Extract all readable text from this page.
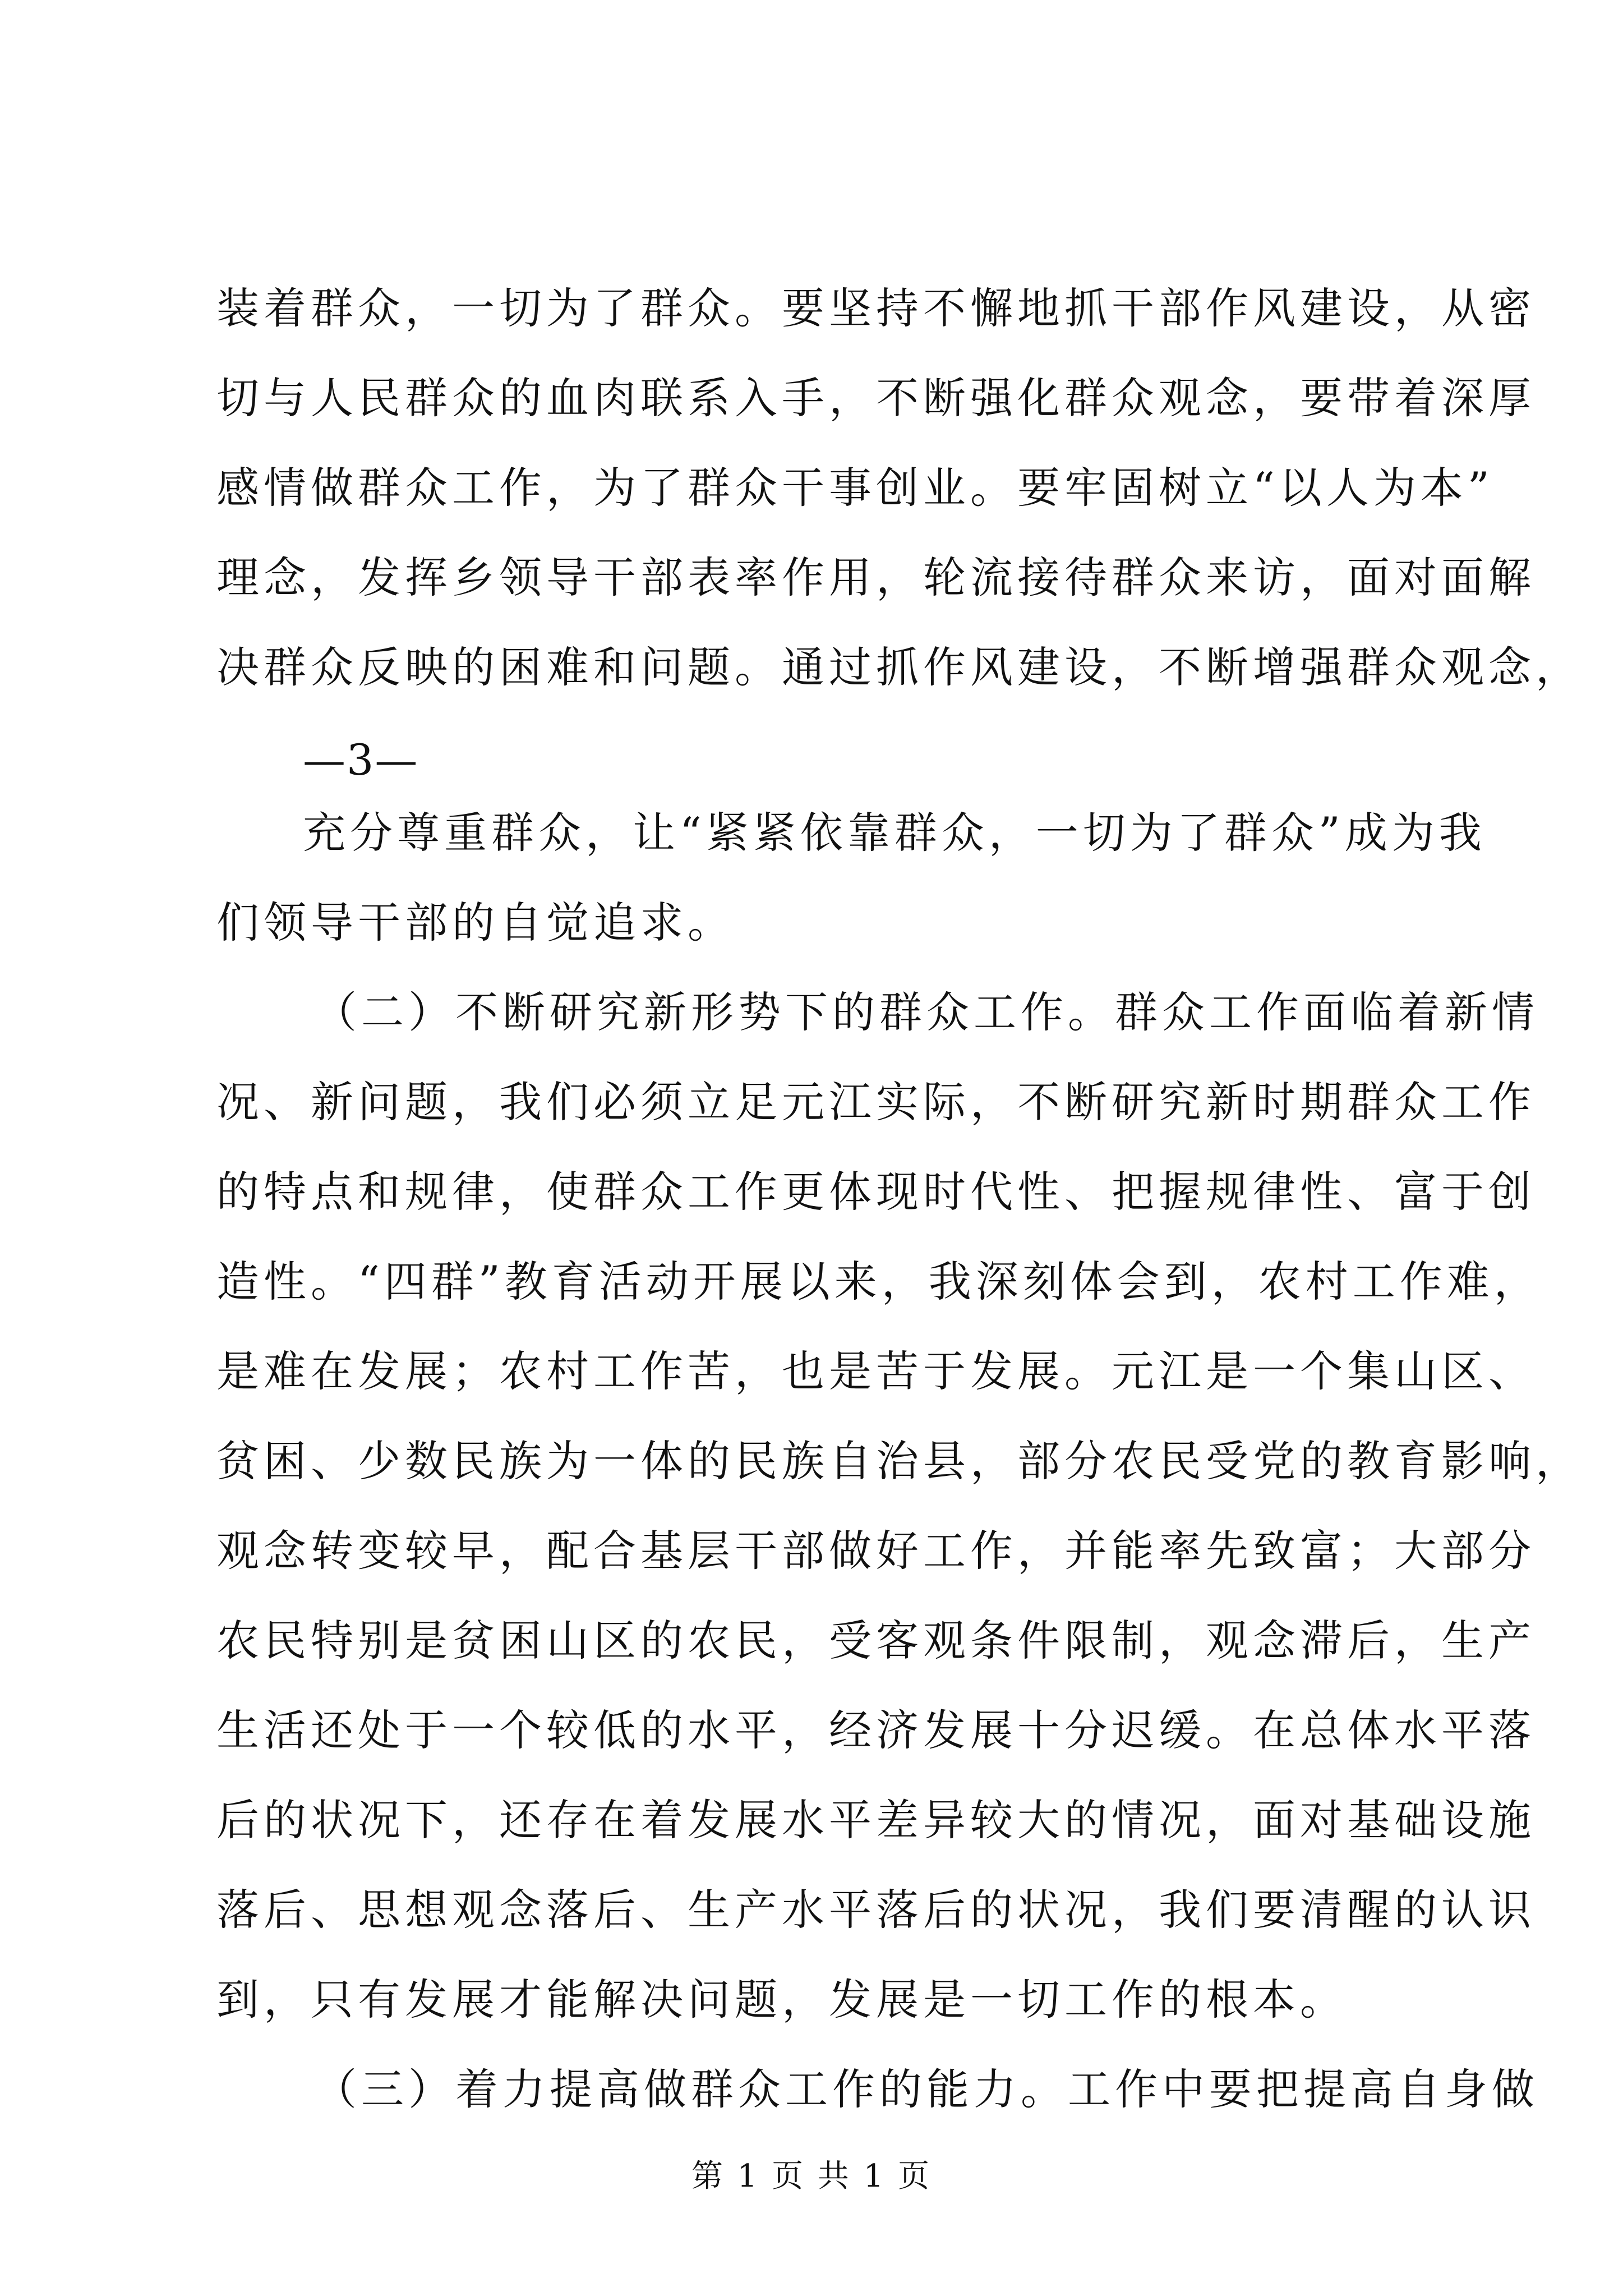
装着群众，一切为了群众。要坚持不懈地抓干部作风建设，从密
切与人民群众的血肉联系入手，不断强化群众观念，要带着深厚
感情做群众工作，为了群众干事创业。要牢固树立“以人为本”
理念，发挥乡领导干部表率作用，轮流接待群众来访，面对面解
决群众反映的困难和问题。通过抓作风建设，不断增强群众观念，
—3—
充分尊重群众，让“紧紧依靠群众，一切为了群众”成为我
们领导干部的自觉追求。
（二）不断研究新形势下的群众工作。群众工作面临着新情
况、新问题，我们必须立足元江实际，不断研究新时期群众工作
的特点和规律，使群众工作更体现时代性、把握规律性、富于创
造性。“四群”教育活动开展以来，我深刻体会到，农村工作难，
是难在发展；农村工作苦，也是苦于发展。元江是一个集山区、
贫困、少数民族为一体的民族自治县，部分农民受党的教育影响，
观念转变较早，配合基层干部做好工作，并能率先致富；大部分
农民特别是贫困山区的农民，受客观条件限制，观念滞后，生产
生活还处于一个较低的水平，经济发展十分迟缓。在总体水平落
后的状况下，还存在着发展水平差异较大的情况，面对基础设施
落后、思想观念落后、生产水平落后的状况，我们要清醒的认识
到，只有发展才能解决问题，发展是一切工作的根本。
（三）着力提高做群众工作的能力。工作中要把提高自身做
第 1 页 共 1 页
